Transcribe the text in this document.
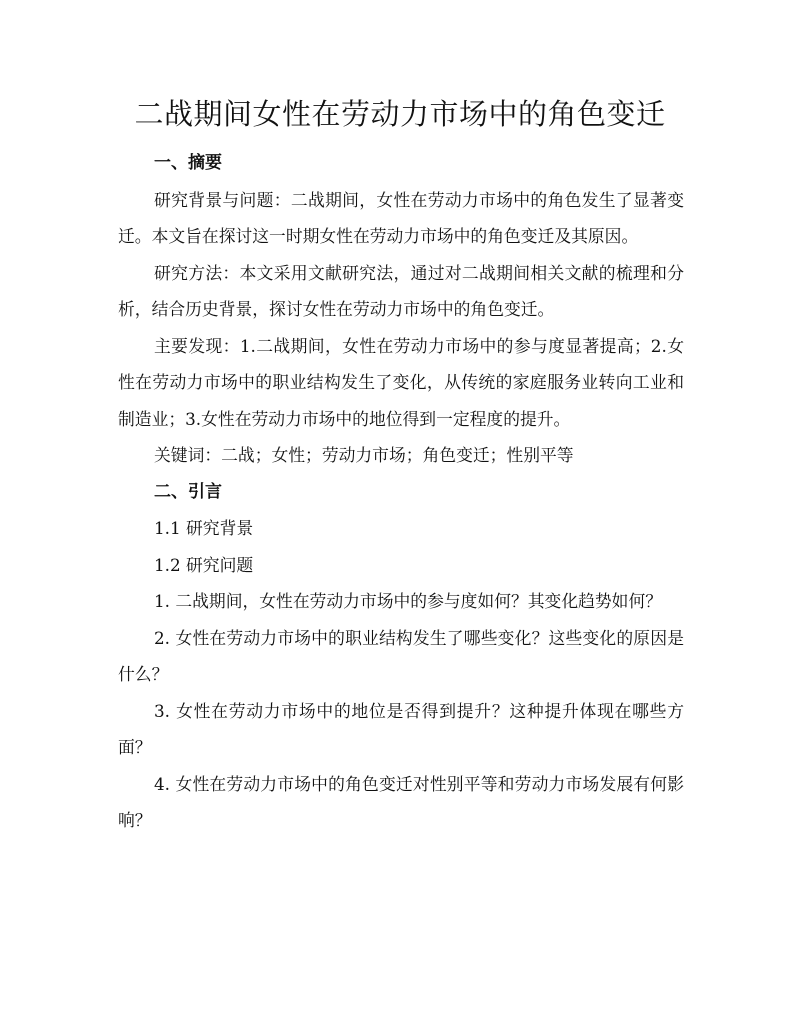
二战期间女性在劳动力市场中的角色变迁

一、摘要

研究背景与问题：二战期间，女性在劳动力市场中的角色发生了显著变迁。本文旨在探讨这一时期女性在劳动力市场中的角色变迁及其原因。

研究方法：本文采用文献研究法，通过对二战期间相关文献的梳理和分析，结合历史背景，探讨女性在劳动力市场中的角色变迁。

主要发现：1.二战期间，女性在劳动力市场中的参与度显著提高；2.女性在劳动力市场中的职业结构发生了变化，从传统的家庭服务业转向工业和制造业；3.女性在劳动力市场中的地位得到一定程度的提升。

关键词：二战；女性；劳动力市场；角色变迁；性别平等

二、引言

1.1 研究背景

1.2 研究问题

1. 二战期间，女性在劳动力市场中的参与度如何？其变化趋势如何？

2. 女性在劳动力市场中的职业结构发生了哪些变化？这些变化的原因是什么？

3. 女性在劳动力市场中的地位是否得到提升？这种提升体现在哪些方面？

4. 女性在劳动力市场中的角色变迁对性别平等和劳动力市场发展有何影响？
